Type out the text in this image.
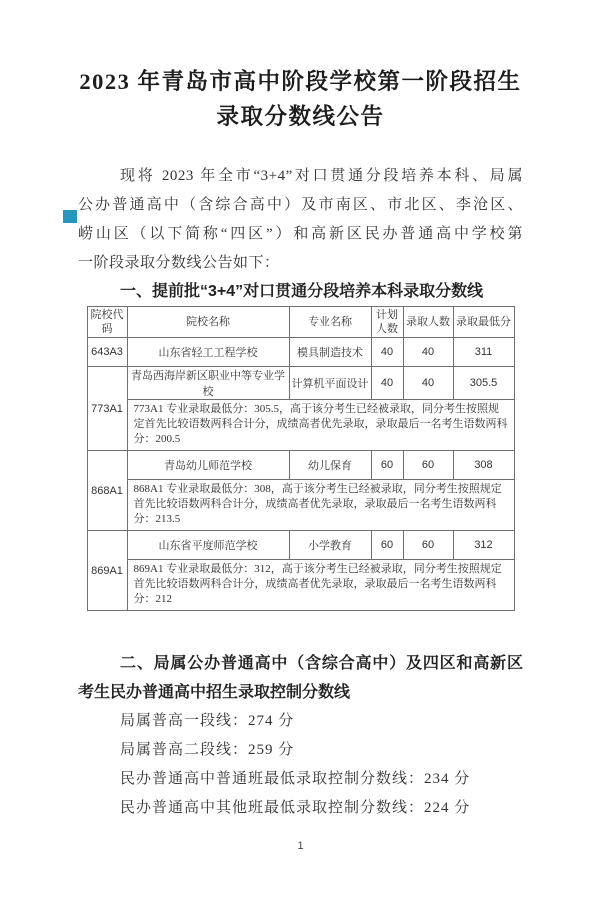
2023 年青岛市高中阶段学校第一阶段招生
录取分数线公告
现将 2023 年全市“3+4”对口贯通分段培养本科、局属
公办普通高中（含综合高中）及市南区、市北区、李沧区、
崂山区（以下简称“四区”）和高新区民办普通高中学校第
一阶段录取分数线公告如下：
一、提前批“3+4”对口贯通分段培养本科录取分数线
院校代码	院校名称	专业名称	计划人数	录取人数	录取最低分
643A3	山东省轻工工程学校	模具制造技术	40	40	311
773A1	青岛西海岸新区职业中等专业学校	计算机平面设计	40	40	305.5
	773A1 专业录取最低分：305.5，高于该分考生已经被录取，同分考生按照规定首先比较语数两科合计分，成绩高者优先录取，录取最后一名考生语数两科分：200.5				
868A1	青岛幼儿师范学校	幼儿保育	60	60	308
	868A1 专业录取最低分：308，高于该分考生已经被录取，同分考生按照规定首先比较语数两科合计分，成绩高者优先录取，录取最后一名考生语数两科分：213.5				
869A1	山东省平度师范学校	小学教育	60	60	312
	869A1 专业录取最低分：312，高于该分考生已经被录取，同分考生按照规定首先比较语数两科合计分，成绩高者优先录取，录取最后一名考生语数两科分：212				
二、局属公办普通高中（含综合高中）及四区和高新区
考生民办普通高中招生录取控制分数线
局属普高一段线：274 分
局属普高二段线：259 分
民办普通高中普通班最低录取控制分数线：234 分
民办普通高中其他班最低录取控制分数线：224 分
1
